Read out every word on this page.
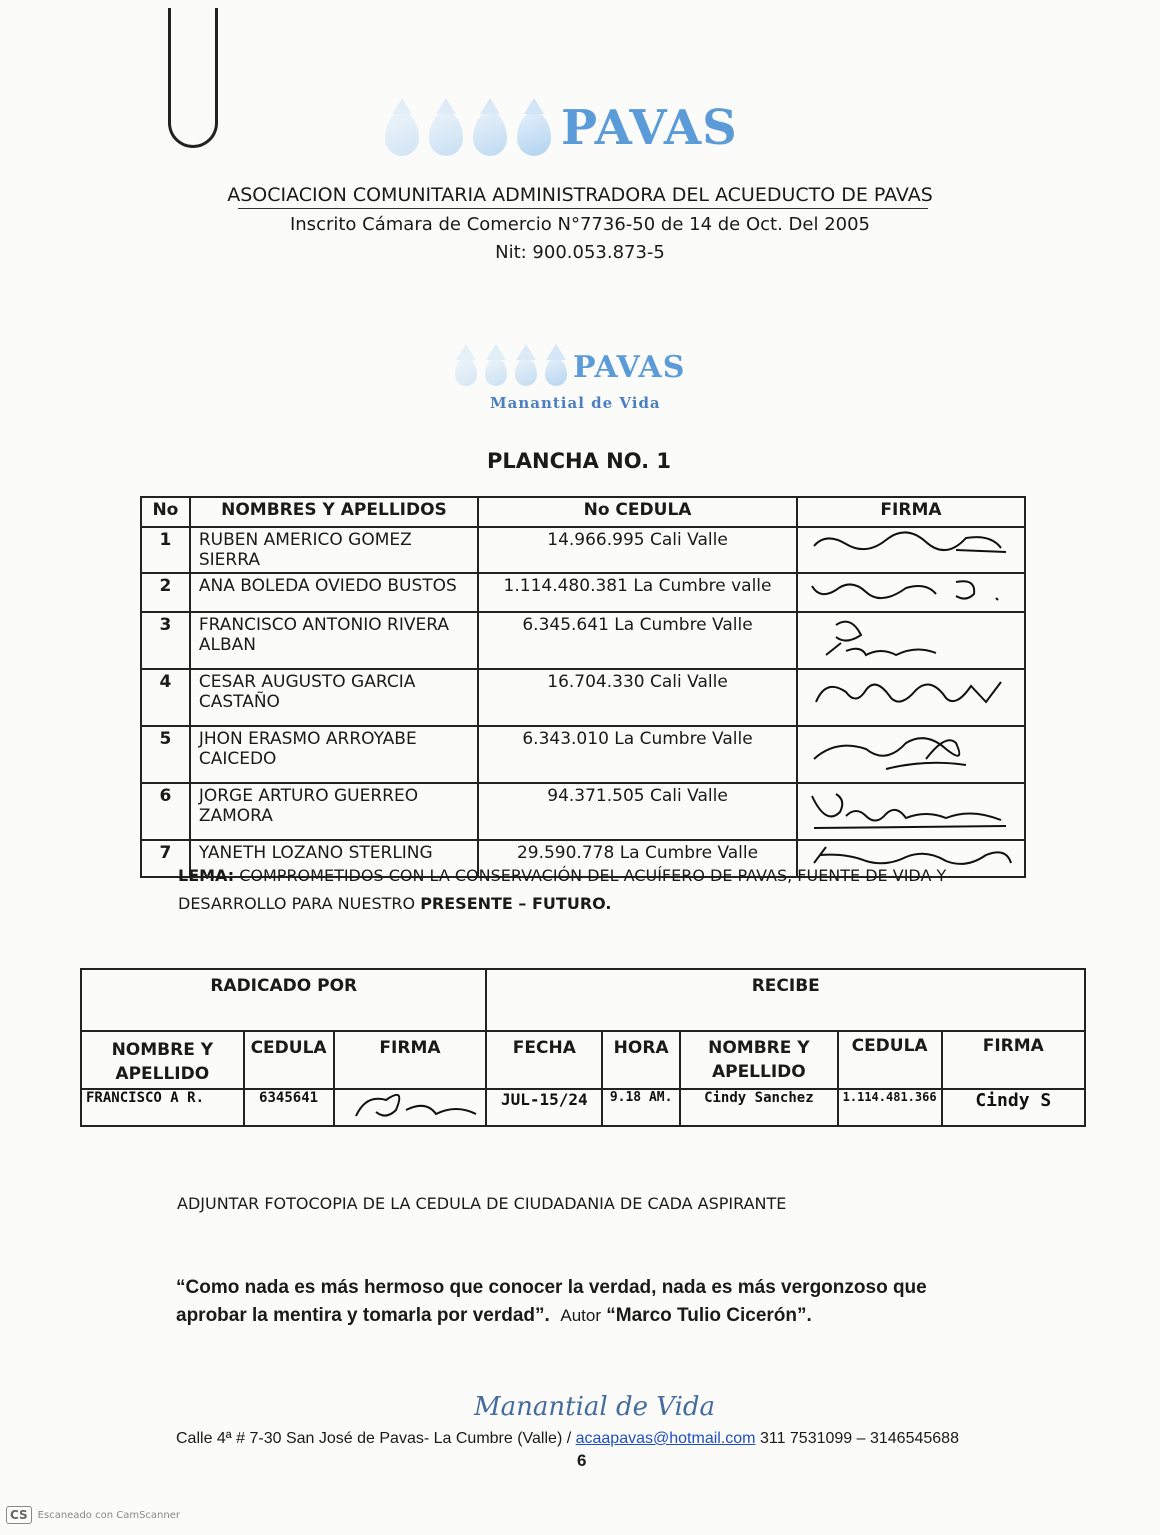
PAVAS
ASOCIACION COMUNITARIA ADMINISTRADORA DEL ACUEDUCTO DE PAVAS
Inscrito Cámara de Comercio N°7736-50 de 14 de Oct. Del 2005
Nit: 900.053.873-5
PAVAS
Manantial de Vida
PLANCHA NO. 1
No	NOMBRES Y APELLIDOS	No CEDULA	FIRMA
1	RUBEN AMERICO GOMEZ SIERRA	14.966.995 Cali Valle	
2	ANA BOLEDA OVIEDO BUSTOS	1.114.480.381 La Cumbre valle	
3	FRANCISCO ANTONIO RIVERA ALBAN	6.345.641 La Cumbre Valle	
4	CESAR AUGUSTO GARCIA CASTAÑO	16.704.330 Cali Valle	
5	JHON ERASMO ARROYABE CAICEDO	6.343.010 La Cumbre Valle	
6	JORGE ARTURO GUERREO ZAMORA	94.371.505 Cali Valle	
7	YANETH LOZANO STERLING	29.590.778 La Cumbre Valle	
LEMA: COMPROMETIDOS CON LA CONSERVACIÓN DEL ACUÍFERO DE PAVAS, FUENTE DE VIDA Y
DESARROLLO PARA NUESTRO PRESENTE – FUTURO.
RADICADO POR			RECIBE				
NOMBRE Y APELLIDO	CEDULA	FIRMA	FECHA	HORA	NOMBRE Y APELLIDO	CEDULA	FIRMA
FRANCISCO A R.	6345641		JUL-15/24	9.18 AM.	Cindy Sanchez	1.114.481.366	Cindy S
ADJUNTAR FOTOCOPIA DE LA CEDULA DE CIUDADANIA DE CADA ASPIRANTE
“Como nada es más hermoso que conocer la verdad, nada es más vergonzoso que
aprobar la mentira y tomarla por verdad”. Autor “Marco Tulio Cicerón”.
Manantial de Vida
Calle 4ª # 7-30 San José de Pavas- La Cumbre (Valle) / acaapavas@hotmail.com 311 7531099 – 3146545688
6
CS	Escaneado con CamScanner
